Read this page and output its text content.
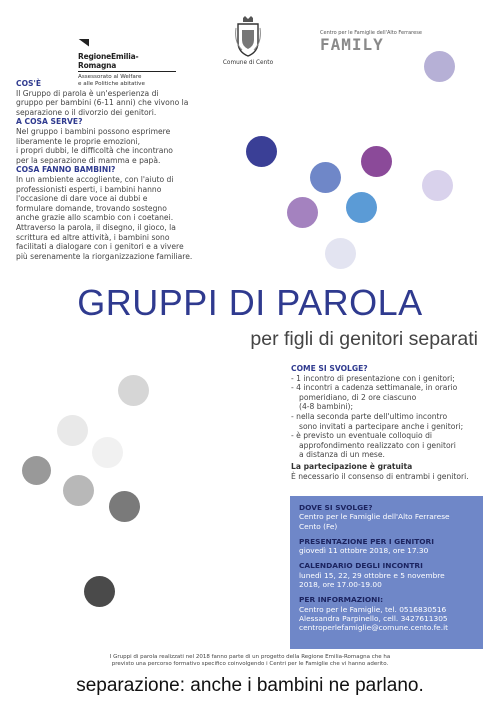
RegioneEmilia-Romagna
Assessorato al Welfare
e alle Politiche abitative
Comune di Cento
Centro per le Famiglie dell'Alto Ferrarese
FAMILY
COS'È

Il Gruppo di parola è un'esperienza di

gruppo per bambini (6-11 anni) che vivono la

separazione o il divorzio dei genitori.

A COSA SERVE?

Nel gruppo i bambini possono esprimere

liberamente le proprie emozioni,

i propri dubbi, le difficoltà che incontrano

per la separazione di mamma e papà.

COSA FANNO BAMBINI?

In un ambiente accogliente, con l'aiuto di

professionisti esperti, i bambini hanno

l'occasione di dare voce ai dubbi e

formulare domande, trovando sostegno

anche grazie allo scambio con i coetanei.

Attraverso la parola, il disegno, il gioco, la

scrittura ed altre attività, i bambini sono

facilitati a dialogare con i genitori e a vivere

più serenamente la riorganizzazione familiare.

GRUPPI DI PAROLA
per figli di genitori separati
COME SI SVOLGE?
- 1 incontro di presentazione con i genitori;
- 4 incontri a cadenza settimanale, in orario
pomeridiano, di 2 ore ciascuno
(4-8 bambini);
- nella seconda parte dell'ultimo incontro
sono invitati a partecipare anche i genitori;
- è previsto un eventuale colloquio di
approfondimento realizzato con i genitori
a distanza di un mese.
La partecipazione è gratuita
È necessario il consenso di entrambi i genitori.
DOVE SI SVOLGE?
Centro per le Famiglie dell'Alto Ferrarese
Cento (Fe)
PRESENTAZIONE PER I GENITORI
giovedì 11 ottobre 2018, ore 17.30
CALENDARIO DEGLI INCONTRI
lunedì 15, 22, 29 ottobre e 5 novembre
2018, ore 17.00-19.00
PER INFORMAZIONI:
Centro per le Famiglie, tel. 0516830516
Alessandra Parpinello, cell. 3427611305
centroperlefamiglie@comune.cento.fe.it
I Gruppi di parola realizzati nel 2018 fanno parte di un progetto della Regione Emilia-Romagna che ha
previsto una percorso formativo specifico coinvolgendo i Centri per le Famiglie che vi hanno aderito.
separazione: anche i bambini ne parlano.
